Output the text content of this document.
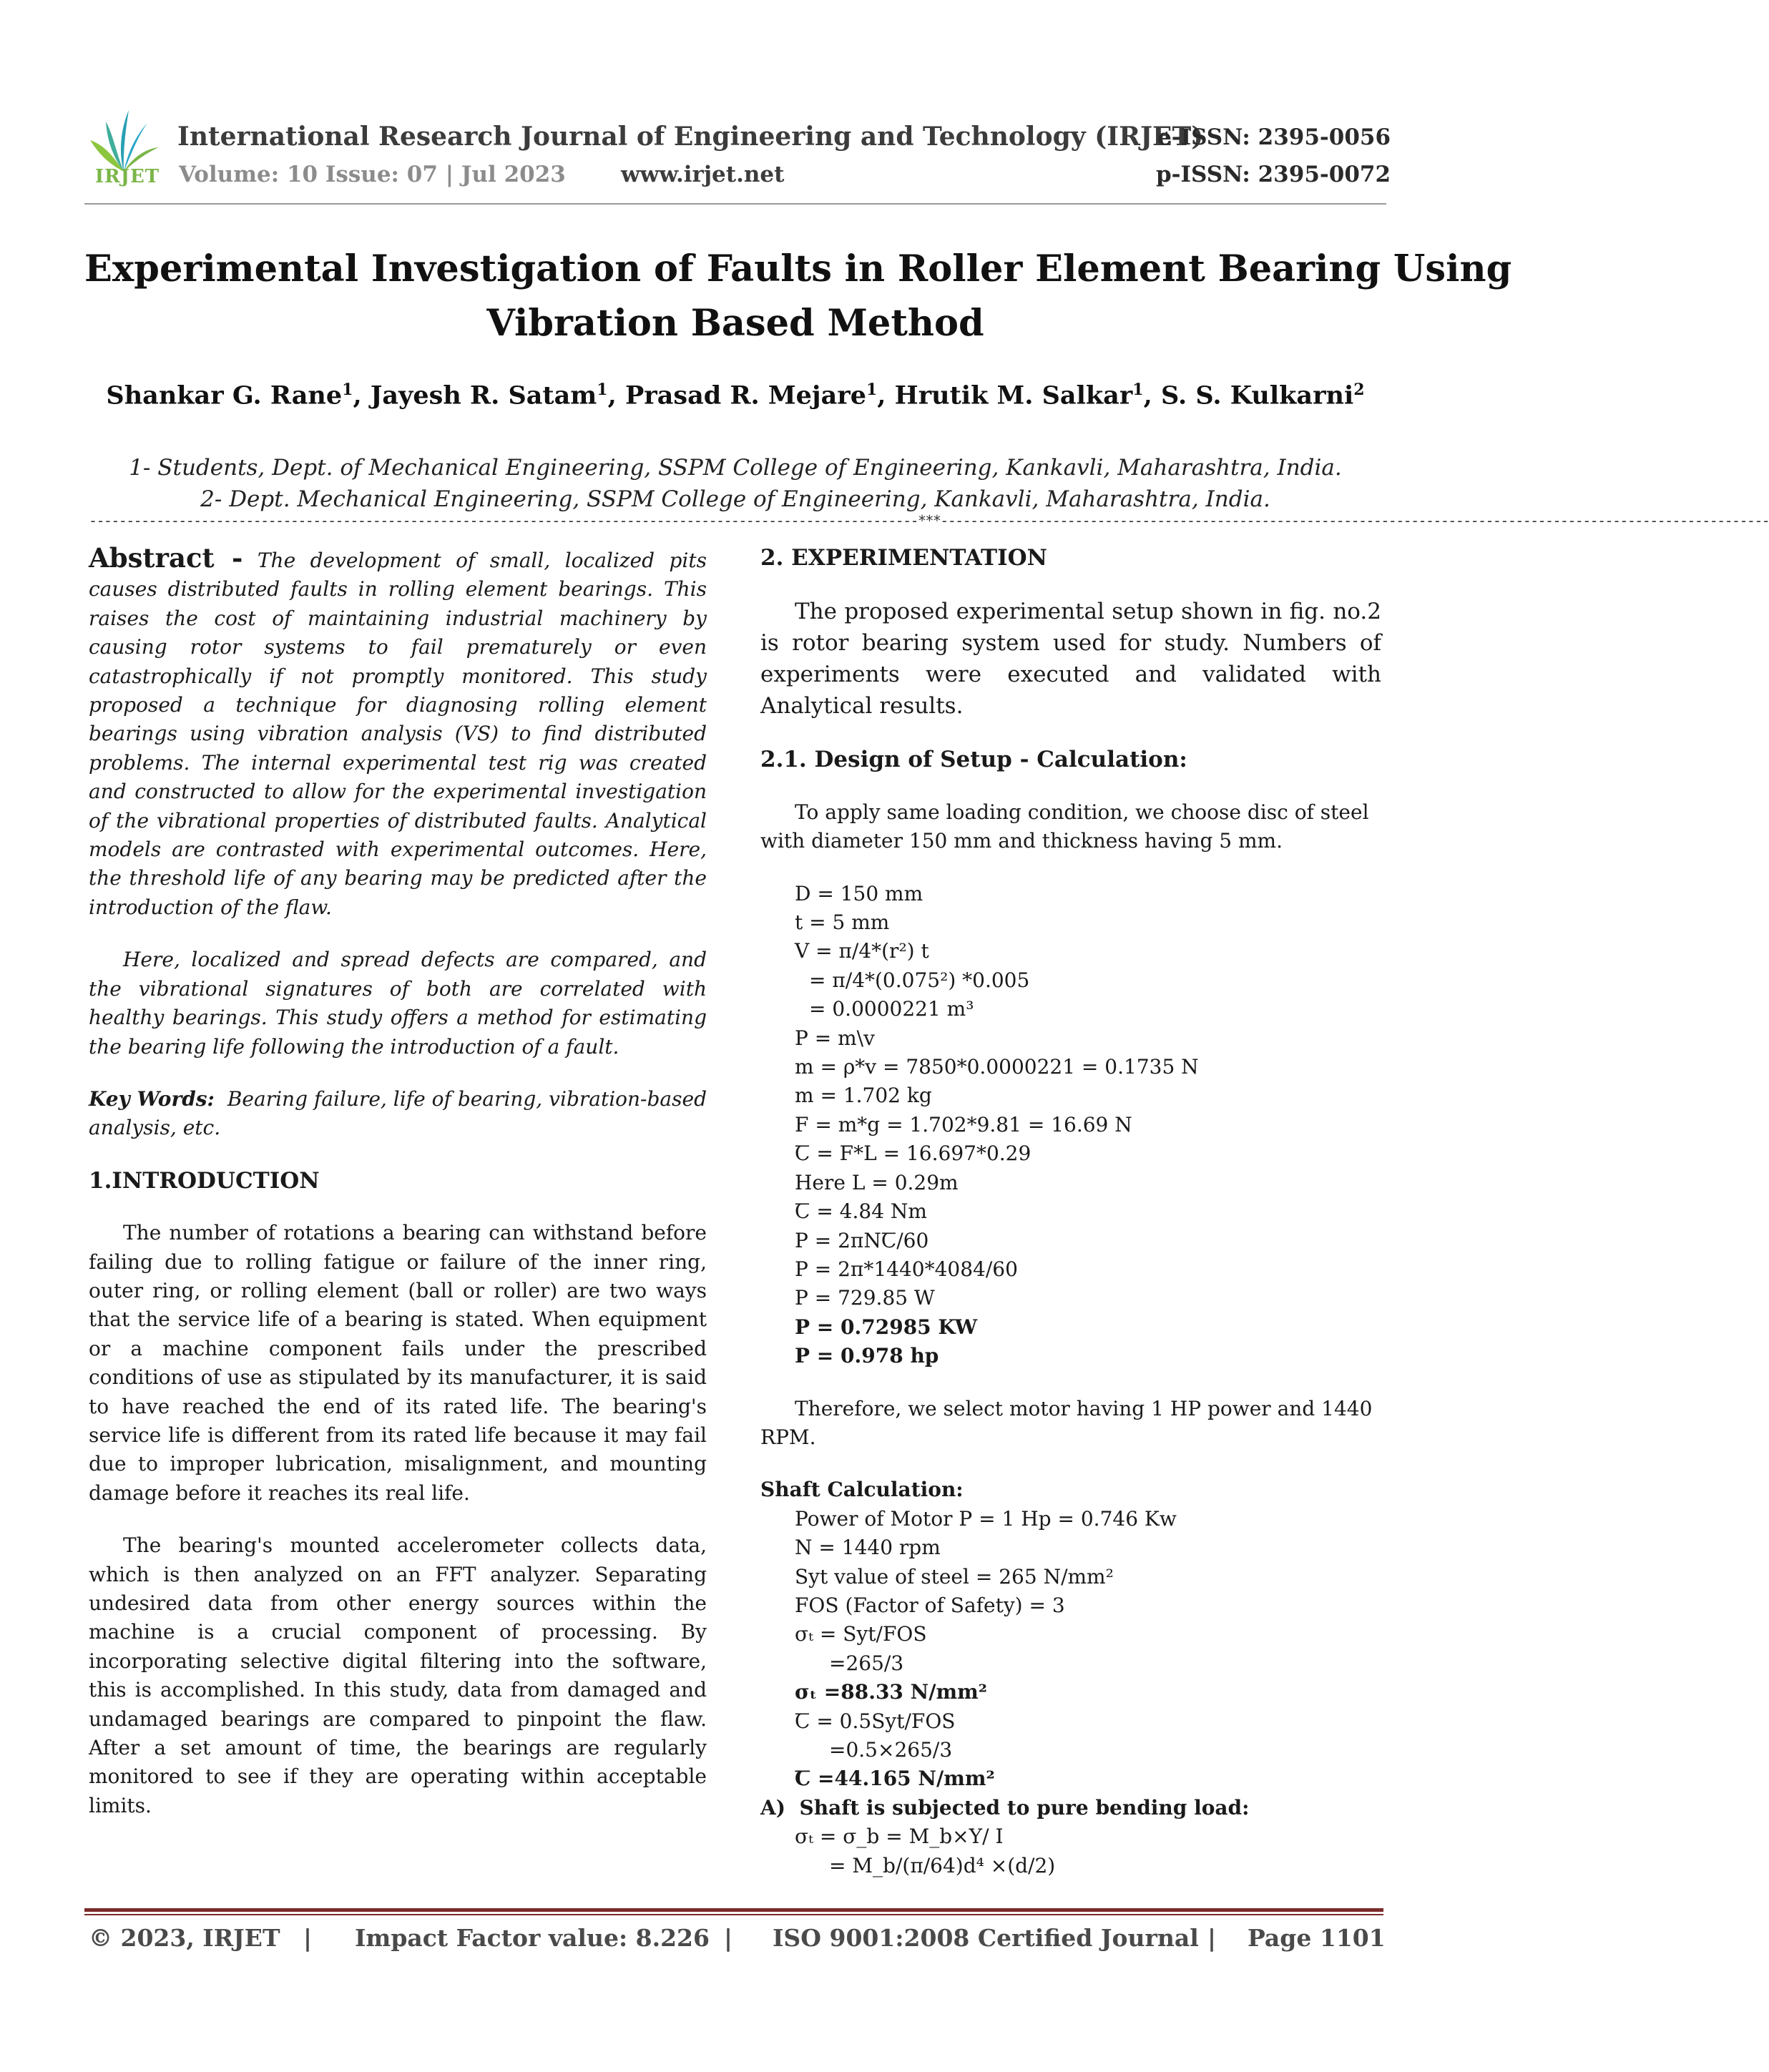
IRJET
International Research Journal of Engineering and Technology (IRJET)
e-ISSN: 2395-0056
Volume: 10 Issue: 07 | Jul 2023 www.irjet.net	p-ISSN: 2395-0072
Experimental Investigation of Faults in Roller Element Bearing Using
Vibration Based Method
Shankar G. Rane$^1$, Jayesh R. Satam$^1$, Prasad R. Mejare$^1$, Hrutik M. Salkar$^1$, S. S. Kulkarni$^2$
1- Students, Dept. of Mechanical Engineering, SSPM College of Engineering, Kankavli, Maharashtra, India.
2- Dept. Mechanical Engineering, SSPM College of Engineering, Kankavli, Maharashtra, India.
---------------------------------------------------------------------------------------------------------------***---------------------------------------------------------------------------------------------------------------

Abstract - The development of small, localized pits causes distributed faults in rolling element bearings. This raises the cost of maintaining industrial machinery by causing rotor systems to fail prematurely or even catastrophically if not promptly monitored. This study proposed a technique for diagnosing rolling element bearings using vibration analysis (VS) to find distributed problems. The internal experimental test rig was created and constructed to allow for the experimental investigation of the vibrational properties of distributed faults. Analytical models are contrasted with experimental outcomes. Here, the threshold life of any bearing may be predicted after the introduction of the flaw.

Here, localized and spread defects are compared, and the vibrational signatures of both are correlated with healthy bearings. This study offers a method for estimating the bearing life following the introduction of a fault.

Key Words: Bearing failure, life of bearing, vibration-based analysis, etc.

1.INTRODUCTION

The number of rotations a bearing can withstand before failing due to rolling fatigue or failure of the inner ring, outer ring, or rolling element (ball or roller) are two ways that the service life of a bearing is stated. When equipment or a machine component fails under the prescribed conditions of use as stipulated by its manufacturer, it is said to have reached the end of its rated life. The bearing's service life is different from its rated life because it may fail due to improper lubrication, misalignment, and mounting damage before it reaches its real life.

The bearing's mounted accelerometer collects data, which is then analyzed on an FFT analyzer. Separating undesired data from other energy sources within the machine is a crucial component of processing. By incorporating selective digital filtering into the software, this is accomplished. In this study, data from damaged and undamaged bearings are compared to pinpoint the flaw. After a set amount of time, the bearings are regularly monitored to see if they are operating within acceptable limits.

2. EXPERIMENTATION

The proposed experimental setup shown in fig. no.2 is rotor bearing system used for study. Numbers of experiments were executed and validated with Analytical results.

2.1. Design of Setup - Calculation:

To apply same loading condition, we choose disc of steel with diameter 150 mm and thickness having 5 mm.

D = 150 mm
t = 5 mm
V = π/4*(r²) t
= π/4*(0.075²) *0.005
= 0.0000221 m³
P = m\v
m = ρ*v = 7850*0.0000221 = 0.1735 N
m = 1.702 kg
F = m*g = 1.702*9.81 = 16.69 N
Ꞇ = F*L = 16.697*0.29
Here L = 0.29m
Ꞇ = 4.84 Nm
P = 2πNꞆ/60
P = 2π*1440*4084/60
P = 729.85 W
P = 0.72985 KW
P = 0.978 hp

Therefore, we select motor having 1 HP power and 1440 RPM.

Shaft Calculation:

Power of Motor P = 1 Hp = 0.746 Kw
N = 1440 rpm
Syt value of steel = 265 N/mm²
FOS (Factor of Safety) = 3
σₜ = Syt/FOS
=265/3
σₜ =88.33 N/mm²
Ꞇ = 0.5Syt/FOS
=0.5×265/3
Ꞇ =44.165 N/mm²
A) Shaft is subjected to pure bending load:
σₜ = σ_b = M_b×Y/ I
= M_b/(π/64)d⁴ ×(d/2)
© 2023, IRJET | Impact Factor value: 8.226 | ISO 9001:2008 Certified Journal | Page 1101
